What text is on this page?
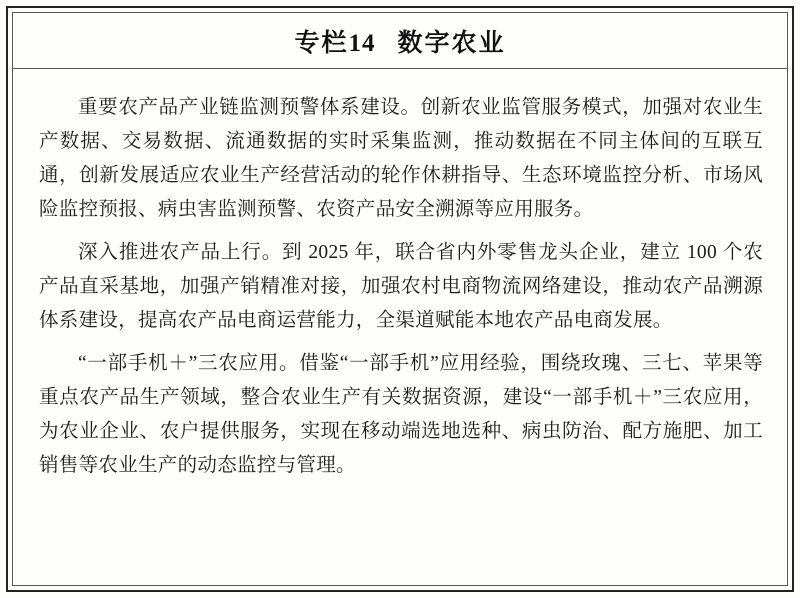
专栏14 数字农业

重要农产品产业链监测预警体系建设。创新农业监管服务模式，加强对农业生产数据、交易数据、流通数据的实时采集监测，推动数据在不同主体间的互联互通，创新发展适应农业生产经营活动的轮作休耕指导、生态环境监控分析、市场风险监控预报、病虫害监测预警、农资产品安全溯源等应用服务。

深入推进农产品上行。到 2025 年，联合省内外零售龙头企业，建立 100 个农产品直采基地，加强产销精准对接，加强农村电商物流网络建设，推动农产品溯源体系建设，提高农产品电商运营能力，全渠道赋能本地农产品电商发展。

“一部手机＋”三农应用。借鉴“一部手机”应用经验，围绕玫瑰、三七、苹果等重点农产品生产领域，整合农业生产有关数据资源，建设“一部手机＋”三农应用，为农业企业、农户提供服务，实现在移动端选地选种、病虫防治、配方施肥、加工销售等农业生产的动态监控与管理。
